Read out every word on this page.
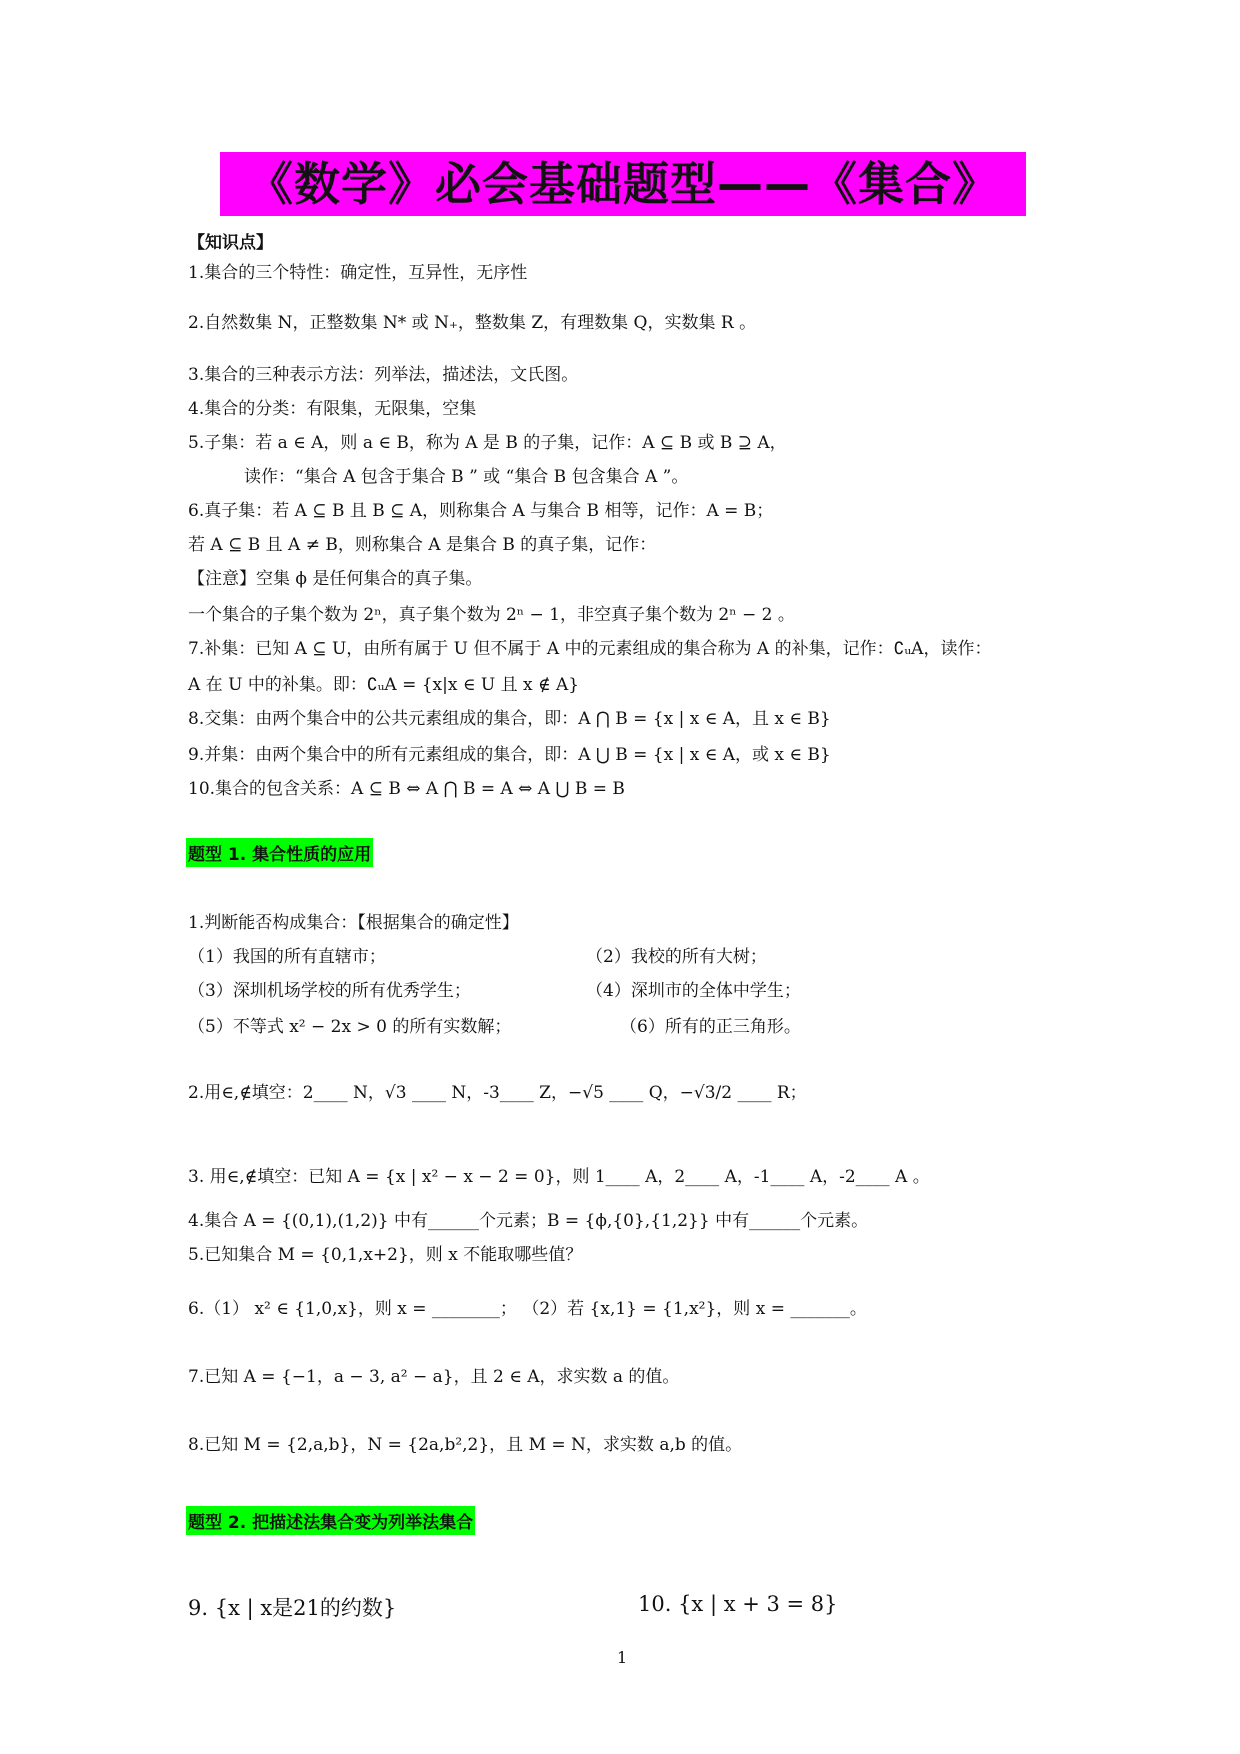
《数学》必会基础题型——《集合》
【知识点】
1.集合的三个特性：确定性，互异性，无序性
2.自然数集 N，正整数集 N* 或 N₊，整数集 Z，有理数集 Q，实数集 R 。
3.集合的三种表示方法：列举法，描述法，文氏图。
4.集合的分类：有限集，无限集，空集
5.子集：若 a ∈ A，则 a ∈ B，称为 A 是 B 的子集，记作：A ⊆ B 或 B ⊇ A，
读作：“集合 A 包含于集合 B ” 或 “集合 B 包含集合 A ”。
6.真子集：若 A ⊆ B 且 B ⊆ A，则称集合 A 与集合 B 相等，记作：A = B；
若 A ⊆ B 且 A ≠ B，则称集合 A 是集合 B 的真子集，记作：
【注意】空集 ϕ 是任何集合的真子集。
一个集合的子集个数为 2ⁿ，真子集个数为 2ⁿ − 1，非空真子集个数为 2ⁿ − 2 。
7.补集：已知 A ⊆ U，由所有属于 U 但不属于 A 中的元素组成的集合称为 A 的补集，记作：∁ᵤA，读作：
A 在 U 中的补集。即：∁ᵤA = {x|x ∈ U 且 x ∉ A}
8.交集：由两个集合中的公共元素组成的集合，即：A ⋂ B = {x | x ∈ A，且 x ∈ B}
9.并集：由两个集合中的所有元素组成的集合，即：A ⋃ B = {x | x ∈ A，或 x ∈ B}
10.集合的包含关系：A ⊆ B ⇔ A ⋂ B = A ⇔ A ⋃ B = B
题型 1. 集合性质的应用
1.判断能否构成集合：【根据集合的确定性】
（1）我国的所有直辖市；	（2）我校的所有大树；
（3）深圳机场学校的所有优秀学生；	（4）深圳市的全体中学生；
（5）不等式 x² − 2x > 0 的所有实数解；	（6）所有的正三角形。
2.用∈,∉填空：2____ N，√3 ____ N，-3____ Z，−√5 ____ Q，−√3/2 ____ R；
3. 用∈,∉填空：已知 A = {x | x² − x − 2 = 0}，则 1____ A，2____ A，-1____ A，-2____ A 。
4.集合 A = {(0,1),(1,2)} 中有______个元素；B = {ϕ,{0},{1,2}} 中有______个元素。
5.已知集合 M = {0,1,x+2}，则 x 不能取哪些值？
6.（1） x² ∈ {1,0,x}，则 x = ________； （2）若 {x,1} = {1,x²}，则 x = _______。
7.已知 A = {−1，a − 3, a² − a}，且 2 ∈ A，求实数 a 的值。
8.已知 M = {2,a,b}，N = {2a,b²,2}，且 M = N，求实数 a,b 的值。
题型 2. 把描述法集合变为列举法集合
9. {x | x是21的约数}	10. {x | x + 3 = 8}
1
